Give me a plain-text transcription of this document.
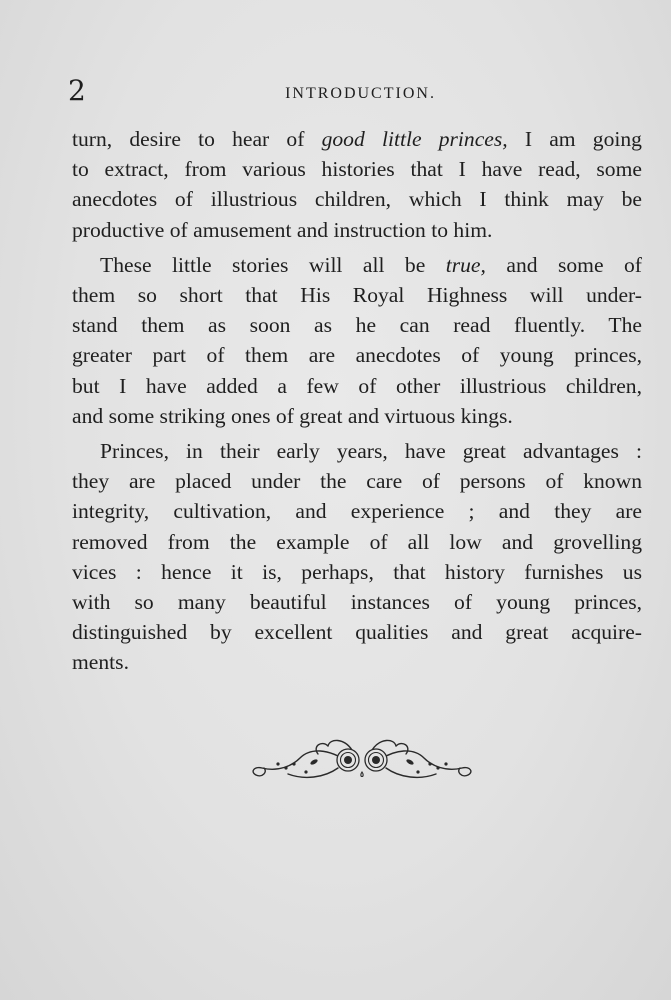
2	INTRODUCTION.

turn, desire to hear of good little princes, I am going
to extract, from various histories that I have read, some
anecdotes of illustrious children, which I think may be
productive of amusement and instruction to him.

These little stories will all be true, and some of
them so short that His Royal Highness will under-
stand them as soon as he can read fluently. The
greater part of them are anecdotes of young princes,
but I have added a few of other illustrious children,
and some striking ones of great and virtuous kings.

Princes, in their early years, have great advantages :
they are placed under the care of persons of known
integrity, cultivation, and experience ; and they are
removed from the example of all low and grovelling
vices : hence it is, perhaps, that history furnishes us
with so many beautiful instances of young princes,
distinguished by excellent qualities and great acquire-
ments.
